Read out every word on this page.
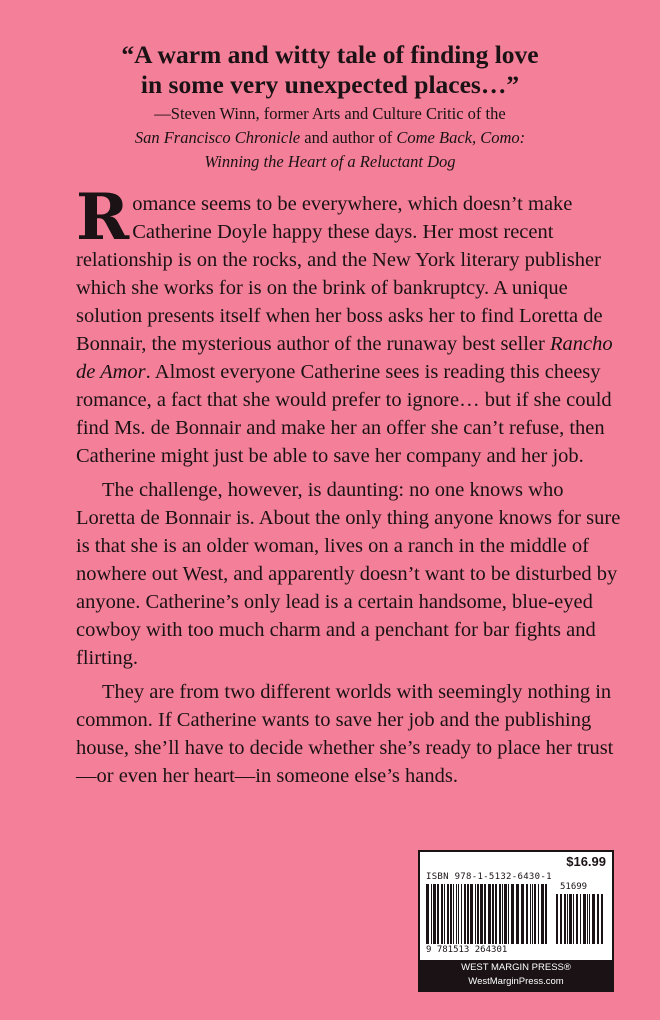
“A warm and witty tale of finding love
in some very unexpected places…”

—Steven Winn, former Arts and Culture Critic of the
San Francisco Chronicle and author of Come Back, Como:
Winning the Heart of a Reluctant Dog

Romance seems to be everywhere, which doesn’t make Catherine Doyle happy these days. Her most recent relationship is on the rocks, and the New York literary publisher which she works for is on the brink of bankruptcy. A unique solution presents itself when her boss asks her to find Loretta de Bonnair, the mysterious author of the runaway best seller Rancho de Amor. Almost everyone Catherine sees is reading this cheesy romance, a fact that she would prefer to ignore… but if she could find Ms. de Bonnair and make her an offer she can’t refuse, then Catherine might just be able to save her company and her job.

The challenge, however, is daunting: no one knows who Loretta de Bonnair is. About the only thing anyone knows for sure is that she is an older woman, lives on a ranch in the middle of nowhere out West, and apparently doesn’t want to be disturbed by anyone. Catherine’s only lead is a certain handsome, blue-eyed cowboy with too much charm and a penchant for bar fights and flirting.

They are from two different worlds with seemingly nothing in common. If Catherine wants to save her job and the publishing house, she’ll have to decide whether she’s ready to place her trust—or even her heart—in someone else’s hands.

$16.99
ISBN 978-1-5132-6430-1
51699
9 781513 264301
WEST MARGIN PRESS®
WestMarginPress.com
